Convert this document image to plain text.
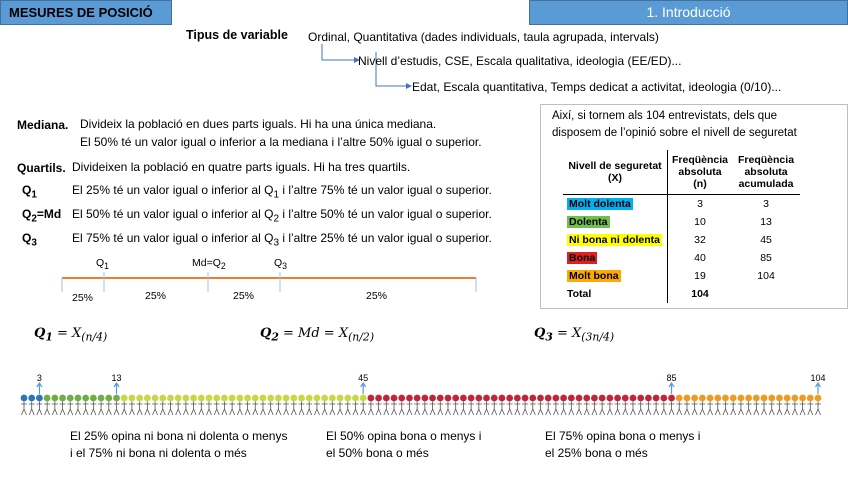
MESURES DE POSICIÓ	1. Introducció
Tipus de variable Ordinal, Quantitativa (dades individuals, taula agrupada, intervals)
Nivell d’estudis, CSE, Escala qualitativa, ideologia (EE/ED)...
Edat, Escala quantitativa, Temps dedicat a activitat, ideologia (0/10)...
Mediana. Divideix la població en dues parts iguals. Hi ha una única mediana.
El 50% té un valor igual o inferior a la mediana i l’altre 50% igual o superior.
Quartils. Divideixen la població en quatre parts iguals. Hi ha tres quartils.
$Q_1$	El 25% té un valor igual o inferior al $Q_1$ i l’altre 75% té un valor igual o superior.
$Q_2=Md$ El 50% té un valor igual o inferior al $Q_2$ i l’altre 50% té un valor igual o superior.
$Q_3$	El 75% té un valor igual o inferior al $Q_3$ i l’altre 25% té un valor igual o superior.
$Q_1$	$Md=Q_2$	$Q_3$
25%	25%	25%	25%
Així, si tornem als 104 entrevistats, dels que
disposem de l’opinió sobre el nivell de seguretat
Nivell de seguretat (X)	Freqüència absoluta (n)	Freqüència absoluta acumulada
Molt dolenta	3	3
Dolenta	10	13
Ni bona ni dolenta	32	45
Bona	40	85
Molt bona	19	104
Total	104	
$Q_1 = X_{(n/4)}$	$Q_2 = Md = X_{(n/2)}$	$Q_3 = X_{(3n/4)}$
3	13	45	85	104
El 25% opina ni bona ni dolenta o menys
i el 75% ni bona ni dolenta o més
El 50% opina bona o menys i
el 50% bona o més
El 75% opina bona o menys i
el 25% bona o més
